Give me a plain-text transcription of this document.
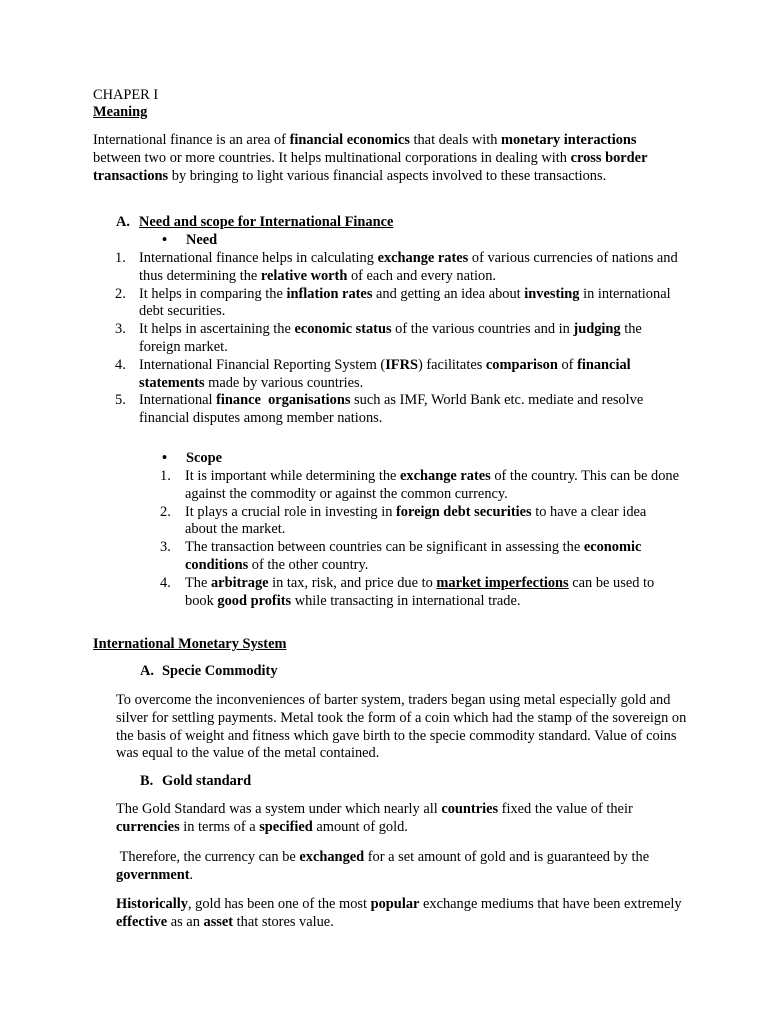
CHAPER I
Meaning

International finance is an area of financial economics that deals with monetary interactions between two or more countries. It helps multinational corporations in dealing with cross border transactions by bringing to light various financial aspects involved to these transactions.

A. Need and scope for International Finance
• Need
1. International finance helps in calculating exchange rates of various currencies of nations and thus determining the relative worth of each and every nation.
2. It helps in comparing the inflation rates and getting an idea about investing in international debt securities.
3. It helps in ascertaining the economic status of the various countries and in judging the foreign market.
4. International Financial Reporting System (IFRS) facilitates comparison of financial statements made by various countries.
5. International finance  organisations such as IMF, World Bank etc. mediate and resolve financial disputes among member nations.
• Scope
1. It is important while determining the exchange rates of the country. This can be done against the commodity or against the common currency.
2. It plays a crucial role in investing in foreign debt securities to have a clear idea about the market.
3. The transaction between countries can be significant in assessing the economic conditions of the other country.
4. The arbitrage in tax, risk, and price due to market imperfections can be used to book good profits while transacting in international trade.
International Monetary System
A. Specie Commodity

To overcome the inconveniences of barter system, traders began using metal especially gold and silver for settling payments. Metal took the form of a coin which had the stamp of the sovereign on the basis of weight and fitness which gave birth to the specie commodity standard. Value of coins was equal to the value of the metal contained.

B. Gold standard

The Gold Standard was a system under which nearly all countries fixed the value of their currencies in terms of a specified amount of gold.

Therefore, the currency can be exchanged for a set amount of gold and is guaranteed by the government.

Historically, gold has been one of the most popular exchange mediums that have been extremely effective as an asset that stores value.
